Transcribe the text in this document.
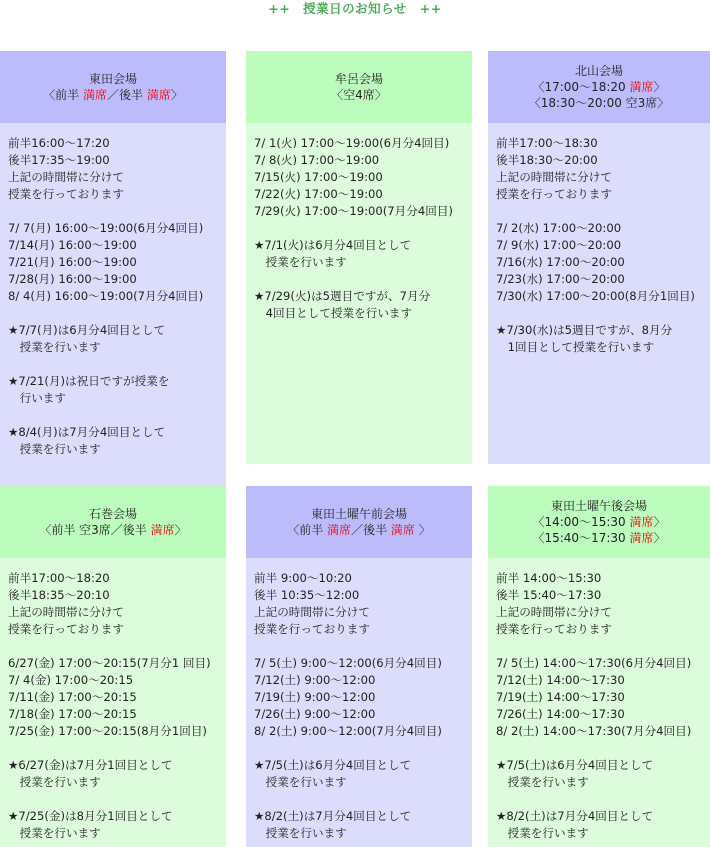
++　授業日のお知らせ　++
東田会場
〈前半 満席／後半 満席〉
前半16:00～17:20
後半17:35～19:00
上記の時間帯に分けて
授業を行っております
7/ 7(月) 16:00～19:00(6月分4回目)
7/14(月) 16:00～19:00
7/21(月) 16:00～19:00
7/28(月) 16:00～19:00
8/ 4(月) 16:00～19:00(7月分4回目)
★7/7(月)は6月分4回目として
　授業を行います
★7/21(月)は祝日ですが授業を
　行います
★8/4(月)は7月分4回目として
　授業を行います
牟呂会場
〈空4席〉
7/ 1(火) 17:00～19:00(6月分4回目)
7/ 8(火) 17:00～19:00
7/15(火) 17:00～19:00
7/22(火) 17:00～19:00
7/29(火) 17:00～19:00(7月分4回目)
★7/1(火)は6月分4回目として
　授業を行います
★7/29(火)は5週目ですが、7月分
　4回目として授業を行います
北山会場
〈17:00～18:20 満席〉
〈18:30～20:00 空3席〉
前半17:00～18:30
後半18:30～20:00
上記の時間帯に分けて
授業を行っております
7/ 2(水) 17:00～20:00
7/ 9(水) 17:00～20:00
7/16(水) 17:00～20:00
7/23(水) 17:00～20:00
7/30(水) 17:00～20:00(8月分1回目)
★7/30(水)は5週目ですが、8月分
　1回目として授業を行います
石巻会場
〈前半 空3席／後半 満席〉
前半17:00～18:20
後半18:35～20:10
上記の時間帯に分けて
授業を行っております
6/27(金) 17:00～20:15(7月分1 回目)
7/ 4(金) 17:00～20:15
7/11(金) 17:00～20:15
7/18(金) 17:00～20:15
7/25(金) 17:00～20:15(8月分1回目)
★6/27(金)は7月分1回目として
　授業を行います
★7/25(金)は8月分1回目として
　授業を行います
東田土曜午前会場
〈前半 満席／後半 満席 〉
前半 9:00～10:20
後半 10:35～12:00
上記の時間帯に分けて
授業を行っております
7/ 5(土) 9:00～12:00(6月分4回目)
7/12(土) 9:00～12:00
7/19(土) 9:00～12:00
7/26(土) 9:00～12:00
8/ 2(土) 9:00～12:00(7月分4回目)
★7/5(土)は6月分4回目として
　授業を行います
★8/2(土)は7月分4回目として
　授業を行います
東田土曜午後会場
〈14:00～15:30 満席〉
〈15:40～17:30 満席〉
前半 14:00～15:30
後半 15:40～17:30
上記の時間帯に分けて
授業を行っております
7/ 5(土) 14:00～17:30(6月分4回目)
7/12(土) 14:00～17:30
7/19(土) 14:00～17:30
7/26(土) 14:00～17:30
8/ 2(土) 14:00～17:30(7月分4回目)
★7/5(土)は6月分4回目として
　授業を行います
★8/2(土)は7月分4回目として
　授業を行います
